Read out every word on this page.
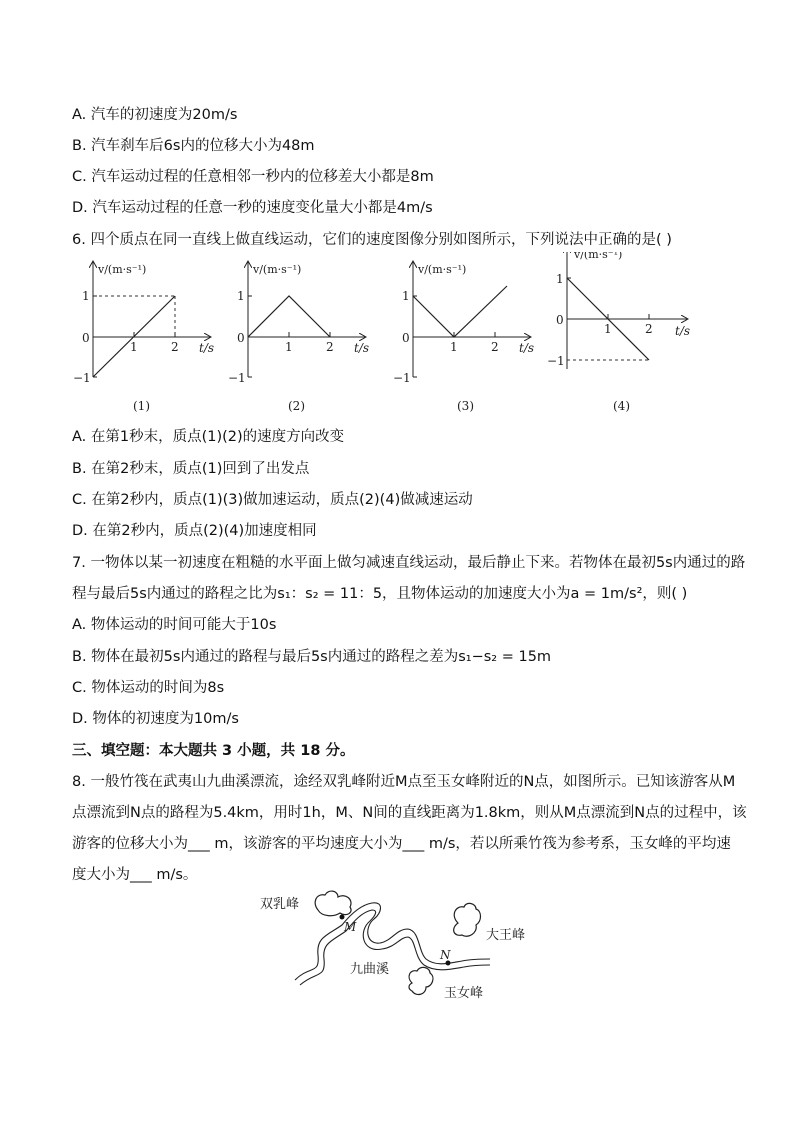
A. 汽车的初速度为20m/s
B. 汽车刹车后6s内的位移大小为48m
C. 汽车运动过程的任意相邻一秒内的位移差大小都是8m
D. 汽车运动过程的任意一秒的速度变化量大小都是4m/s
6. 四个质点在同一直线上做直线运动，它们的速度图像分别如图所示，下列说法中正确的是( )
v/(m·s⁻¹)
t/s
1
0
−1
1	2
(1)
v/(m·s⁻¹)
t/s
1
0
−1
1	2
(2)
v/(m·s⁻¹)
t/s
1
0
−1
1	2
(3)
v/(m·s⁻¹)
t/s
1
0
−1
1	2
(4)
A. 在第1秒末，质点(1)(2)的速度方向改变
B. 在第2秒末，质点(1)回到了出发点
C. 在第2秒内，质点(1)(3)做加速运动，质点(2)(4)做减速运动
D. 在第2秒内，质点(2)(4)加速度相同
7. 一物体以某一初速度在粗糙的水平面上做匀减速直线运动，最后静止下来。若物体在最初5s内通过的路
程与最后5s内通过的路程之比为s₁：s₂ = 11：5，且物体运动的加速度大小为a = 1m/s²，则( )
A. 物体运动的时间可能大于10s
B. 物体在最初5s内通过的路程与最后5s内通过的路程之差为s₁−s₂ = 15m
C. 物体运动的时间为8s
D. 物体的初速度为10m/s
三、填空题：本大题共 3 小题，共 18 分。
8. 一般竹筏在武夷山九曲溪漂流，途经双乳峰附近M点至玉女峰附近的N点，如图所示。已知该游客从M
点漂流到N点的路程为5.4km，用时1h，M、N间的直线距离为1.8km，则从M点漂流到N点的过程中，该
游客的位移大小为___ m，该游客的平均速度大小为___ m/s，若以所乘竹筏为参考系，玉女峰的平均速
度大小为___ m/s。
M
N
双乳峰
大王峰
九曲溪
玉女峰
